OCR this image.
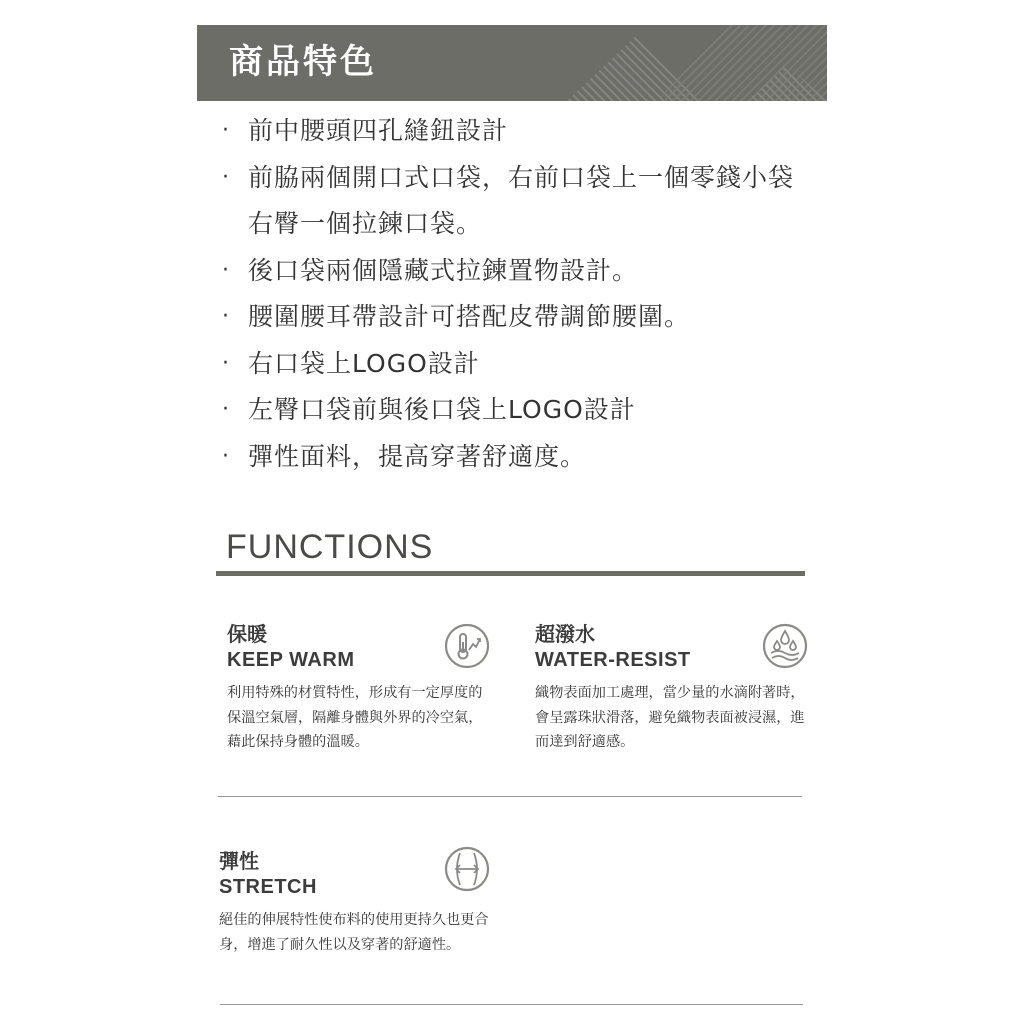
商品特色
· 前中腰頭四孔縫鈕設計
· 前脇兩個開口式口袋，右前口袋上一個零錢小袋右臀一個拉鍊口袋。
· 後口袋兩個隱藏式拉鍊置物設計。
· 腰圍腰耳帶設計可搭配皮帶調節腰圍。
· 右口袋上LOGO設計
· 左臀口袋前與後口袋上LOGO設計
· 彈性面料，提高穿著舒適度。
FUNCTIONS
保暖
KEEP WARM
利用特殊的材質特性，形成有一定厚度的保溫空氣層，隔離身體與外界的冷空氣，藉此保持身體的溫暖。
超潑水
WATER-RESIST
織物表面加工處理，當少量的水滴附著時，會呈露珠狀滑落，避免織物表面被浸濕，進而達到舒適感。
彈性
STRETCH
絕佳的伸展特性使布料的使用更持久也更合身，增進了耐久性以及穿著的舒適性。
